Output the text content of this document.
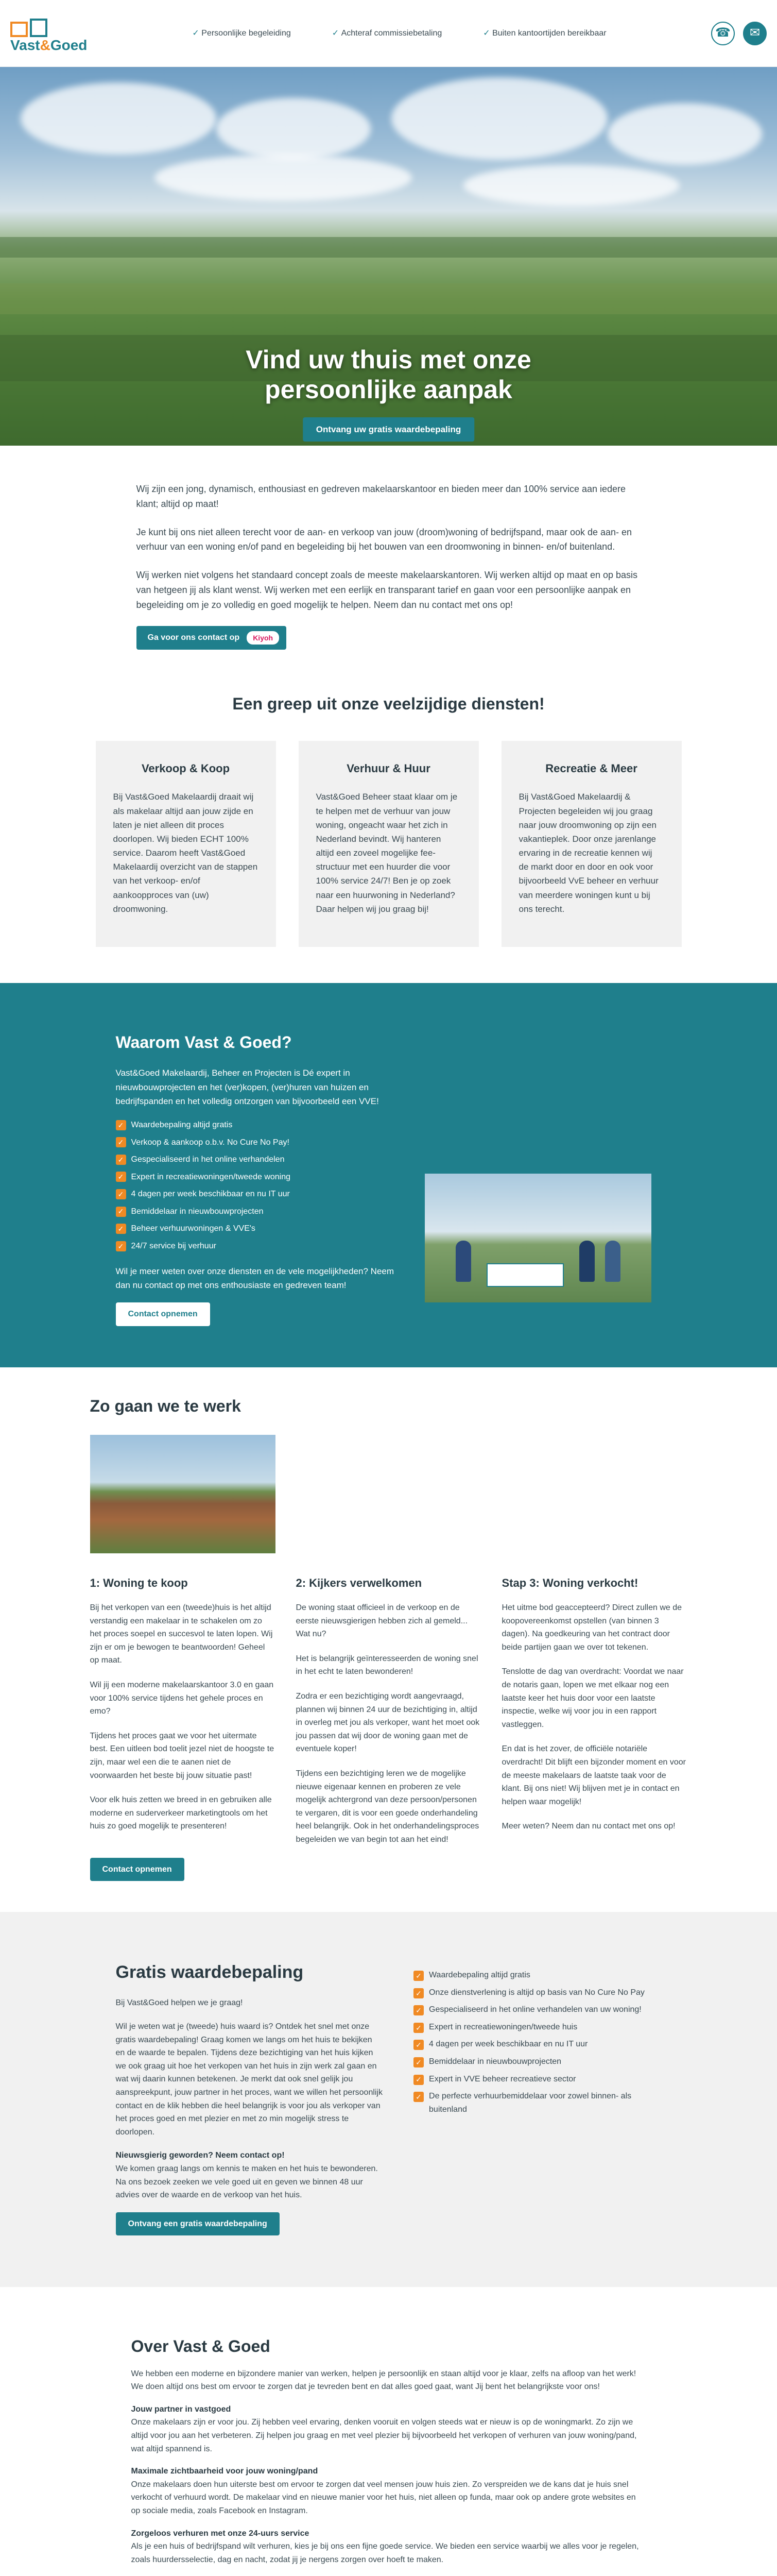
Vast&Goed
✓ Persoonlijke begeleiding	✓ Achteraf commissiebetaling	✓ Buiten kantoortijden bereikbaar	☎	✉
Vind uw thuis met onze
persoonlijke aanpak
Ontvang uw gratis waardebepaling

Wij zijn een jong, dynamisch, enthousiast en gedreven makelaarskantoor en bieden meer dan 100% service aan iedere klant; altijd op maat!

Je kunt bij ons niet alleen terecht voor de aan- en verkoop van jouw (droom)woning of bedrijfspand, maar ook de aan- en verhuur van een woning en/of pand en begeleiding bij het bouwen van een droomwoning in binnen- en/of buitenland.

Wij werken niet volgens het standaard concept zoals de meeste makelaarskantoren. Wij werken altijd op maat en op basis van hetgeen jij als klant wenst. Wij werken met een eerlijk en transparant tarief en gaan voor een persoonlijke aanpak en begeleiding om je zo volledig en goed mogelijk te helpen. Neem dan nu contact met ons op!

Ga voor ons contact op	Kiyoh
Een greep uit onze veelzijdige diensten!
Verkoop & Koop

Bij Vast&Goed Makelaardij draait wij als makelaar altijd aan jouw zijde en laten je niet alleen dit proces doorlopen. Wij bieden ECHT 100% service. Daarom heeft Vast&Goed Makelaardij overzicht van de stappen van het verkoop- en/of aankoopproces van (uw) droomwoning.

Verhuur & Huur

Vast&Goed Beheer staat klaar om je te helpen met de verhuur van jouw woning, ongeacht waar het zich in Nederland bevindt. Wij hanteren altijd een zoveel mogelijke fee-structuur met een huurder die voor 100% service 24/7! Ben je op zoek naar een huurwoning in Nederland? Daar helpen wij jou graag bij!

Recreatie & Meer

Bij Vast&Goed Makelaardij & Projecten begeleiden wij jou graag naar jouw droomwoning op zijn een vakantieplek. Door onze jarenlange ervaring in de recreatie kennen wij de markt door en door en ook voor bijvoorbeeld VvE beheer en verhuur van meerdere woningen kunt u bij ons terecht.

Waarom Vast & Goed?

Vast&Goed Makelaardij, Beheer en Projecten is Dé expert in nieuwbouwprojecten en het (ver)kopen, (ver)huren van huizen en bedrijfspanden en het volledig ontzorgen van bijvoorbeeld een VVE!

✓ Waardebepaling altijd gratis
✓ Verkoop & aankoop o.b.v. No Cure No Pay!
✓ Gespecialiseerd in het online verhandelen
✓ Expert in recreatiewoningen/tweede woning
✓ 4 dagen per week beschikbaar en nu IT uur
✓ Bemiddelaar in nieuwbouwprojecten
✓ Beheer verhuurwoningen & VVE's
✓ 24/7 service bij verhuur

Wil je meer weten over onze diensten en de vele mogelijkheden? Neem dan nu contact op met ons enthousiaste en gedreven team!

Contact opnemen
Zo gaan we te werk
1: Woning te koop

Bij het verkopen van een (tweede)huis is het altijd verstandig een makelaar in te schakelen om zo het proces soepel en succesvol te laten lopen. Wij zijn er om je bewogen te beantwoorden! Geheel op maat.

Wil jij een moderne makelaarskantoor 3.0 en gaan voor 100% service tijdens het gehele proces en emo?

Tijdens het proces gaat we voor het uitermate best. Een uitleen bod toelit jezel niet de hoogste te zijn, maar wel een die te aanen niet de voorwaarden het beste bij jouw situatie past!

Voor elk huis zetten we breed in en gebruiken alle moderne en suderverkeer marketingtools om het huis zo goed mogelijk te presenteren!

2: Kijkers verwelkomen

De woning staat officieel in de verkoop en de eerste nieuwsgierigen hebben zich al gemeld... Wat nu?

Het is belangrijk geïnteresseerden de woning snel in het echt te laten bewonderen!

Zodra er een bezichtiging wordt aangevraagd, plannen wij binnen 24 uur de bezichtiging in, altijd in overleg met jou als verkoper, want het moet ook jou passen dat wij door de woning gaan met de eventuele koper!

Tijdens een bezichtiging leren we de mogelijke nieuwe eigenaar kennen en proberen ze vele mogelijk achtergrond van deze persoon/personen te vergaren, dit is voor een goede onderhandeling heel belangrijk. Ook in het onderhandelingsproces begeleiden we van begin tot aan het eind!

Stap 3: Woning verkocht!

Het uitme bod geaccepteerd? Direct zullen we de koopovereenkomst opstellen (van binnen 3 dagen). Na goedkeuring van het contract door beide partijen gaan we over tot tekenen.

Tenslotte de dag van overdracht: Voordat we naar de notaris gaan, lopen we met elkaar nog een laatste keer het huis door voor een laatste inspectie, welke wij voor jou in een rapport vastleggen.

En dat is het zover, de officiële notariële overdracht! Dit blijft een bijzonder moment en voor de meeste makelaars de laatste taak voor de klant. Bij ons niet! Wij blijven met je in contact en helpen waar mogelijk!

Meer weten? Neem dan nu contact met ons op!

Contact opnemen
Gratis waardebepaling

Bij Vast&Goed helpen we je graag!

Wil je weten wat je (tweede) huis waard is? Ontdek het snel met onze gratis waardebepaling! Graag komen we langs om het huis te bekijken en de waarde te bepalen. Tijdens deze bezichtiging van het huis kijken we ook graag uit hoe het verkopen van het huis in zijn werk zal gaan en wat wij daarin kunnen betekenen. Je merkt dat ook snel gelijk jou aanspreekpunt, jouw partner in het proces, want we willen het persoonlijk contact en de klik hebben die heel belangrijk is voor jou als verkoper van het proces goed en met plezier en met zo min mogelijk stress te doorlopen.

Nieuwsgierig geworden? Neem contact op!

We komen graag langs om kennis te maken en het huis te bewonderen. Na ons bezoek zeeken we vele goed uit en geven we binnen 48 uur advies over de waarde en de verkoop van het huis.

Ontvang een gratis waardebepaling
✓ Waardebepaling altijd gratis
✓ Onze dienstverlening is altijd op basis van No Cure No Pay
✓ Gespecialiseerd in het online verhandelen van uw woning!
✓ Expert in recreatiewoningen/tweede huis
✓ 4 dagen per week beschikbaar en nu IT uur
✓ Bemiddelaar in nieuwbouwprojecten
✓ Expert in VVE beheer recreatieve sector
✓ De perfecte verhuurbemiddelaar voor zowel binnen- als buitenland
Over Vast & Goed

We hebben een moderne en bijzondere manier van werken, helpen je persoonlijk en staan altijd voor je klaar, zelfs na afloop van het werk! We doen altijd ons best om ervoor te zorgen dat je tevreden bent en dat alles goed gaat, want Jij bent het belangrijkste voor ons!

Jouw partner in vastgoed

Onze makelaars zijn er voor jou. Zij hebben veel ervaring, denken vooruit en volgen steeds wat er nieuw is op de woningmarkt. Zo zijn we altijd voor jou aan het verbeteren. Zij helpen jou graag en met veel plezier bij bijvoorbeeld het verkopen of verhuren van jouw woning/pand, wat altijd spannend is.

Maximale zichtbaarheid voor jouw woning/pand

Onze makelaars doen hun uiterste best om ervoor te zorgen dat veel mensen jouw huis zien. Zo verspreiden we de kans dat je huis snel verkocht of verhuurd wordt. De makelaar vind en nieuwe manier voor het huis, niet alleen op funda, maar ook op andere grote websites en op sociale media, zoals Facebook en Instagram.

Zorgeloos verhuren met onze 24-uurs service

Als je een huis of bedrijfspand wilt verhuren, kies je bij ons een fijne goede service. We bieden een service waarbij we alles voor je regelen, zoals huurdersselectie, dag en nacht, zodat jij je nergens zorgen over hoeft te maken.
